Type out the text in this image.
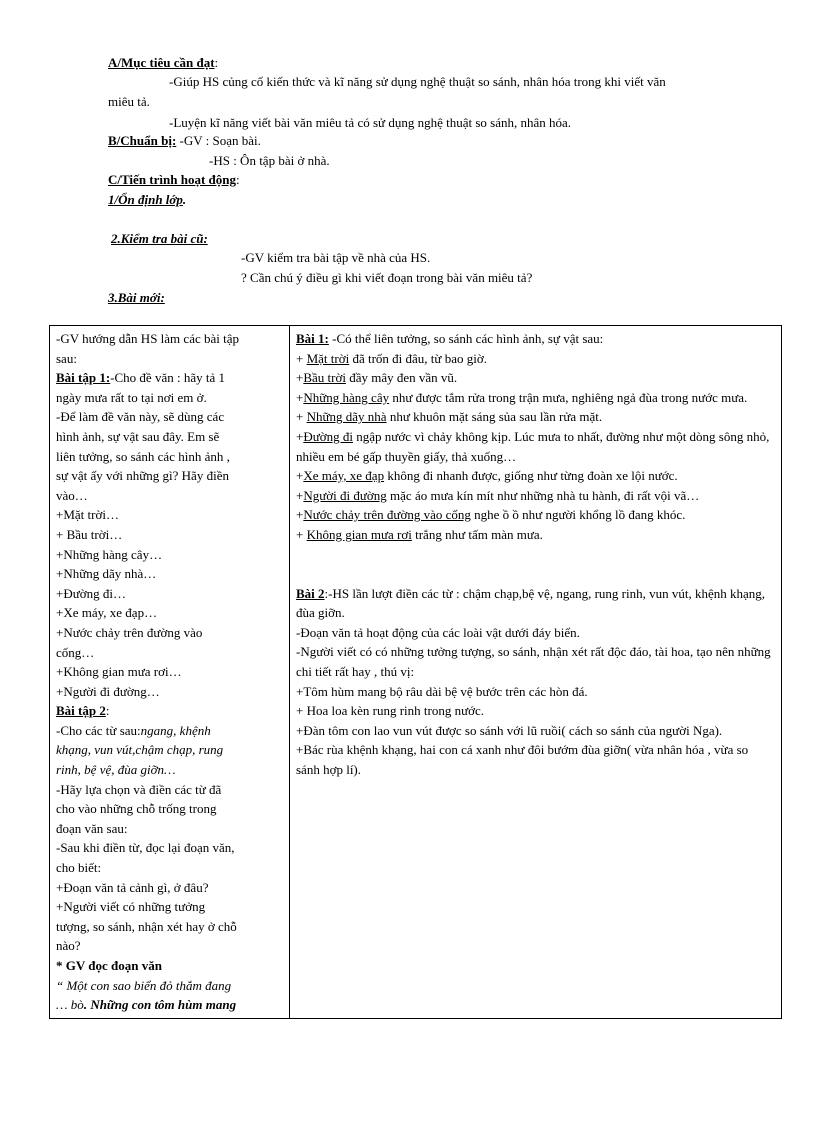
A/Mục tiêu cần đạt:
-Giúp HS củng cố kiến thức và kĩ năng sử dụng nghệ thuật so sánh, nhân hóa trong khi viết văn
miêu tả.
-Luyện kĩ năng viết bài văn miêu tả có sử dụng nghệ thuật so sánh, nhân hóa.
B/Chuẩn bị: -GV : Soạn bài.
-HS : Ôn tập bài ở nhà.
C/Tiến trình hoạt động:
1/Ổn định lớp.
2.Kiểm tra bài cũ:
-GV kiểm tra bài tập về nhà của HS.
? Cần chú ý điều gì khi viết đoạn trong bài văn miêu tả?
3.Bài mới:
-GV hướng dẫn HS làm các bài tập
sau:
Bài tập 1:-Cho đề văn : hãy tả 1
ngày mưa rất to tại nơi em ở.
-Để làm đề văn này, sẽ dùng các
hình ảnh, sự vật sau đây. Em sẽ
liên tưởng, so sánh các hình ảnh ,
sự vật ấy với những gì? Hãy điền
vào…
+Mặt trời…
+ Bầu trời…
+Những hàng cây…
+Những dãy nhà…
+Đường đi…
+Xe máy, xe đạp…
+Nước chảy trên đường vào
cống…
+Không gian mưa rơi…
+Người đi đường…
Bài tập 2:
-Cho các từ sau:ngang, khệnh
khạng, vun vút,chậm chạp, rung
rinh, bệ vệ, đùa giỡn…
-Hãy lựa chọn và điền các từ đã
cho vào những chỗ trống trong
đoạn văn sau:
-Sau khi điền từ, đọc lại đoạn văn,
cho biết:
+Đoạn văn tả cảnh gì, ở đâu?
+Người viết có những tưởng
tượng, so sánh, nhận xét hay ở chỗ
nào?
* GV đọc đoạn văn
“ Một con sao biển đỏ thắm đang
… bò. Những con tôm hùm mang

Bài 1: -Có thể liên tưởng, so sánh các hình ảnh, sự vật sau:
+ Mặt trời đã trốn đi đâu, từ bao giờ.
+Bầu trời đầy mây đen vần vũ.
+Những hàng cây như được tắm rửa trong trận mưa, nghiêng ngả đùa trong nước mưa.
+ Những dãy nhà như khuôn mặt sáng sủa sau lần rửa mặt.
+Đường đi ngập nước vì chảy không kịp. Lúc mưa to nhất, đường như một dòng sông nhỏ, nhiều em bé gấp thuyền giấy, thả xuống…
+Xe máy, xe đạp không đi nhanh được, giống như từng đoàn xe lội nước.
+Người đi đường mặc áo mưa kín mít như những nhà tu hành, đi rất vội vã…
+Nước chảy trên đường vào cống nghe ồ ồ như người khổng lồ đang khóc.
+ Không gian mưa rơi trắng như tấm màn mưa.
Bài 2:-HS lần lượt điền các từ : chậm chạp,bệ vệ, ngang, rung rinh, vun vút, khệnh khạng, đùa giỡn.
-Đoạn văn tả hoạt động của các loài vật dưới đáy biển.
-Người viết có có những tưởng tượng, so sánh, nhận xét rất độc đáo, tài hoa, tạo nên những chi tiết rất hay , thú vị:
+Tôm hùm mang bộ râu dài bệ vệ bước trên các hòn đá.
+ Hoa loa kèn rung rinh trong nước.
+Đàn tôm con lao vun vút được so sánh với lũ ruồi( cách so sánh của người Nga).
+Bác rùa khệnh khạng, hai con cá xanh như đôi bướm đùa giỡn( vừa nhân hóa , vừa so sánh hợp lí).
